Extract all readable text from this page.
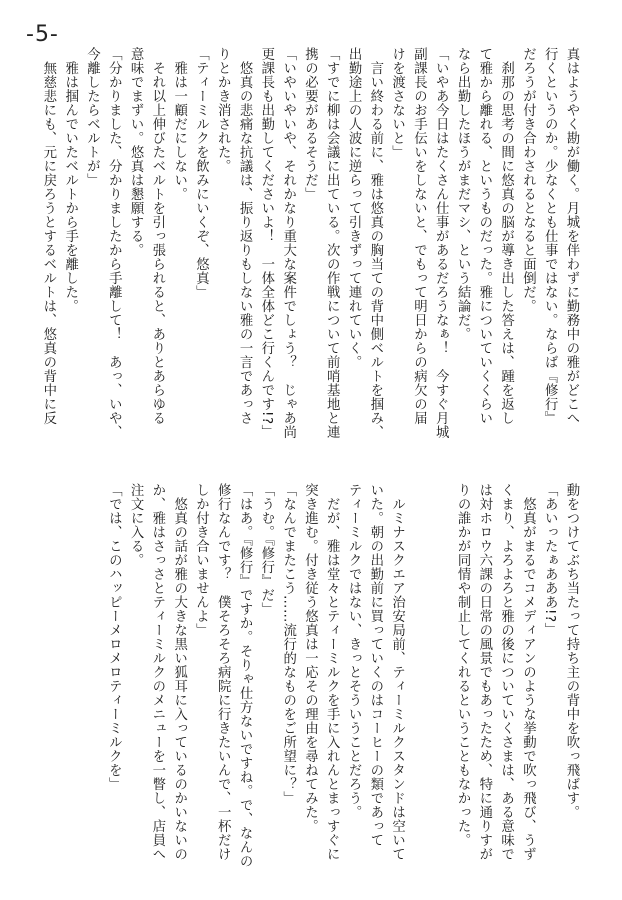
-5-
真はようやく勘が働く。月城を伴わずに勤務中の雅がどこへ
行くというのか。少なくとも仕事ではない。ならば『修行』
だろうが付き合わされるとなると面倒だ。
　刹那の思考の間に悠真の脳が導き出した答えは、踵を返し
て雅から離れる、というものだった。雅についていくくらい
なら出勤したほうがまだマシ、という結論だ。
「いやあ今日はたくさん仕事があるだろうなぁ！　今すぐ月城
副課長のお手伝いをしないと、でもって明日からの病欠の届
けを渡さないと」
　言い終わる前に、雅は悠真の胸当ての背中側ベルトを掴み、
出勤途上の人波に逆らって引きずって連れていく。
「すでに柳は会議に出ている。次の作戦について前哨基地と連
携の必要があるそうだ」
「いやいやいや、それかなり重大な案件でしょう？　じゃあ尚
更課長も出勤してくださいよ！　一体全体どこ行くんです!?」
　悠真の悲痛な抗議は、振り返りもしない雅の一言であっさ
りとかき消された。
「ティーミルクを飲みにいくぞ、悠真」
　雅は一顧だにしない。
　それ以上伸びたベルトを引っ張られると、ありとあらゆる
意味でまずい。悠真は懇願する。
「分かりました、分かりましたから手離して！　あっ、いや、
今離したらベルトが」
　雅は掴んでいたベルトから手を離した。
　無慈悲にも、元に戻ろうとするベルトは、悠真の背中に反
動をつけてぶち当たって持ち主の背中を吹っ飛ばす。
「あいったぁあああ!?」
　悠真がまるでコメディアンのような挙動で吹っ飛び、うず
くまり、よろよろと雅の後についていくさまは、ある意味で
は対ホロウ六課の日常の風景でもあったため、特に通りすが
りの誰かが同情や制止してくれるということもなかった。

　ルミナスクエア治安局前、ティーミルクスタンドは空いて
いた。朝の出勤前に買っていくのはコーヒーの類であって
ティーミルクではない、きっとそういうことだろう。
　だが、雅は堂々とティーミルクを手に入れんとまっすぐに
突き進む。付き従う悠真は一応その理由を尋ねてみた。
「なんでまたこう……流行的なものをご所望に？」
「うむ。『修行』だ」
「はあ。『修行』ですか。そりゃ仕方ないですね。で、なんの
修行なんです？　僕そろそろ病院に行きたいんで、一杯だけ
しか付き合いませんよ」
　悠真の話が雅の大きな黒い狐耳に入っているのかいないの
か、雅はさっさとティーミルクのメニューを一瞥し、店員へ
注文に入る。
「では、このハッピーメロメロティーミルクを」
